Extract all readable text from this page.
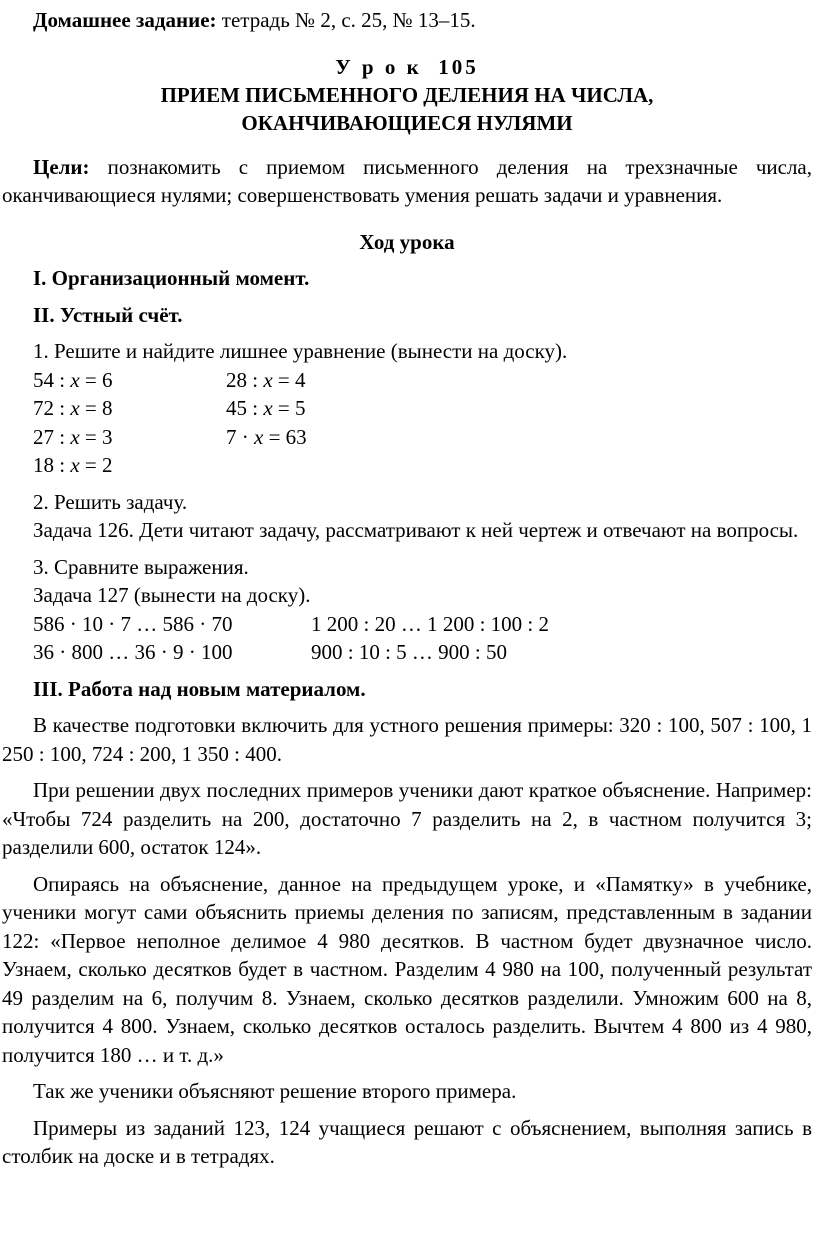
Домашнее задание: тетрадь № 2, с. 25, № 13–15.

У р о к  105

ПРИЕМ ПИСЬМЕННОГО ДЕЛЕНИЯ НА ЧИСЛА,

ОКАНЧИВАЮЩИЕСЯ НУЛЯМИ

Цели: познакомить с приемом письменного деления на трехзначные числа, оканчивающиеся нулями; совершенствовать умения решать задачи и уравнения.

Ход урока

I. Организационный момент.

II. Устный счёт.

1. Решите и найдите лишнее уравнение (вынести на доску).

54 : x = 6	28 : x = 4
72 : x = 8	45 : x = 5
27 : x = 3	7 · x = 63

18 : x = 2

2. Решить задачу.

Задача 126. Дети читают задачу, рассматривают к ней чертеж и отвечают на вопросы.

3. Сравните выражения.

Задача 127 (вынести на доску).

586 · 10 · 7 … 586 · 70	1 200 : 20 … 1 200 : 100 : 2
36 · 800 … 36 · 9 · 100	900 : 10 : 5 … 900 : 50

III. Работа над новым материалом.

В качестве подготовки включить для устного решения примеры: 320 : 100, 507 : 100, 1 250 : 100, 724 : 200, 1 350 : 400.

При решении двух последних примеров ученики дают краткое объяснение. Например: «Чтобы 724 разделить на 200, достаточно 7 разделить на 2, в частном получится 3; разделили 600, остаток 124».

Опираясь на объяснение, данное на предыдущем уроке, и «Памятку» в учебнике, ученики могут сами объяснить приемы деления по записям, представленным в задании 122: «Первое неполное делимое 4 980 десятков. В частном будет двузначное число. Узнаем, сколько десятков будет в частном. Разделим 4 980 на 100, полученный результат 49 разделим на 6, получим 8. Узнаем, сколько десятков разделили. Умножим 600 на 8, получится 4 800. Узнаем, сколько десятков осталось разделить. Вычтем 4 800 из 4 980, получится 180 … и т. д.»

Так же ученики объясняют решение второго примера.

Примеры из заданий 123, 124 учащиеся решают с объяснением, выполняя запись в столбик на доске и в тетрадях.
